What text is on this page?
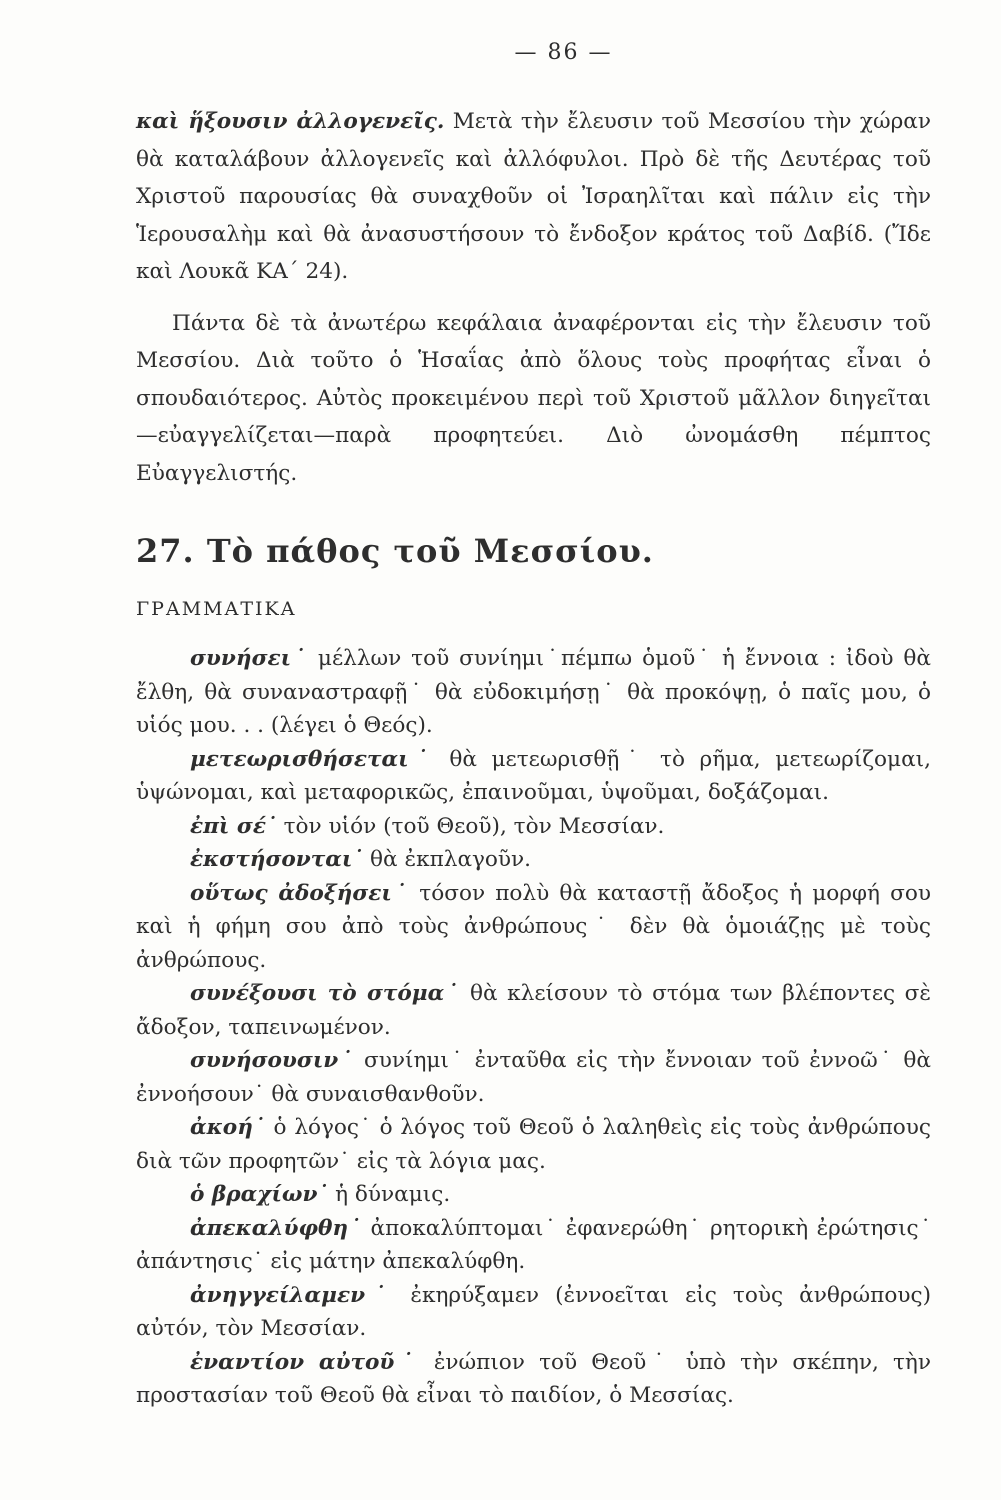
— 86 —

καὶ ἥξουσιν ἀλλογενεῖς. Μετὰ τὴν ἔλευσιν τοῦ Μεσσίου τὴν χώραν θὰ καταλάβουν ἀλλογενεῖς καὶ ἀλλόφυλοι. Πρὸ δὲ τῆς Δευτέρας τοῦ Χριστοῦ παρουσίας θὰ συναχθοῦν οἱ Ἰσραηλῖται καὶ πάλιν εἰς τὴν Ἱερουσαλὴμ καὶ θὰ ἀνασυστήσουν τὸ ἔνδοξον κράτος τοῦ Δαβίδ. (Ἴδε καὶ Λουκᾶ ΚΑ΄ 24).

Πάντα δὲ τὰ ἀνωτέρω κεφάλαια ἀναφέρονται εἰς τὴν ἔλευσιν τοῦ Μεσσίου. Διὰ τοῦτο ὁ Ἡσαΐας ἀπὸ ὅλους τοὺς προφήτας εἶναι ὁ σπουδαιότερος. Αὐτὸς προκειμένου περὶ τοῦ Χριστοῦ μᾶλλον διηγεῖται—εὐαγγελίζεται—παρὰ προφητεύει. Διὸ ὠνομάσθη πέμπτος Εὐαγγελιστής.

27. Τὸ πάθος τοῦ Μεσσίου.
ΓΡΑΜΜΑΤΙΚΑ
συνήσει˙ μέλλων τοῦ συνίημι˙πέμπω ὁμοῦ˙ ἡ ἔννοια : ἰδοὺ θὰ ἔλθη, θὰ συναναστραφῇ˙ θὰ εὐδοκιμήσῃ˙ θὰ προκόψῃ, ὁ παῖς μου, ὁ υἱός μου. . . (λέγει ὁ Θεός).
μετεωρισθήσεται˙ θὰ μετεωρισθῇ˙ τὸ ρῆμα, μετεωρίζομαι, ὑψώνομαι, καὶ μεταφορικῶς, ἐπαινοῦμαι, ὑψοῦμαι, δοξάζομαι.
ἐπὶ σέ˙ τὸν υἱόν (τοῦ Θεοῦ), τὸν Μεσσίαν.
ἐκστήσονται˙ θὰ ἐκπλαγοῦν.
οὕτως ἀδοξήσει˙ τόσον πολὺ θὰ καταστῇ ἄδοξος ἡ μορφή σου καὶ ἡ φήμη σου ἀπὸ τοὺς ἀνθρώπους˙ δὲν θὰ ὁμοιάζῃς μὲ τοὺς ἀνθρώπους.
συνέξουσι τὸ στόμα˙ θὰ κλείσουν τὸ στόμα των βλέποντες σὲ ἄδοξον, ταπεινωμένον.
συνήσουσιν˙ συνίημι˙ ἐνταῦθα εἰς τὴν ἔννοιαν τοῦ ἐννοῶ˙ θὰ ἐννοήσουν˙ θὰ συναισθανθοῦν.
ἀκοή˙ ὁ λόγος˙ ὁ λόγος τοῦ Θεοῦ ὁ λαληθεὶς εἰς τοὺς ἀνθρώπους διὰ τῶν προφητῶν˙ εἰς τὰ λόγια μας.
ὁ βραχίων˙ ἡ δύναμις.
ἀπεκαλύφθη˙ ἀποκαλύπτομαι˙ ἐφανερώθη˙ ρητορικὴ ἐρώτησις˙ ἀπάντησις˙ εἰς μάτην ἀπεκαλύφθη.
ἀνηγγείλαμεν˙ ἐκηρύξαμεν (ἐννοεῖται εἰς τοὺς ἀνθρώπους) αὐτόν, τὸν Μεσσίαν.
ἐναντίον αὐτοῦ˙ ἐνώπιον τοῦ Θεοῦ˙ ὑπὸ τὴν σκέπην, τὴν προστασίαν τοῦ Θεοῦ θὰ εἶναι τὸ παιδίον, ὁ Μεσσίας.
